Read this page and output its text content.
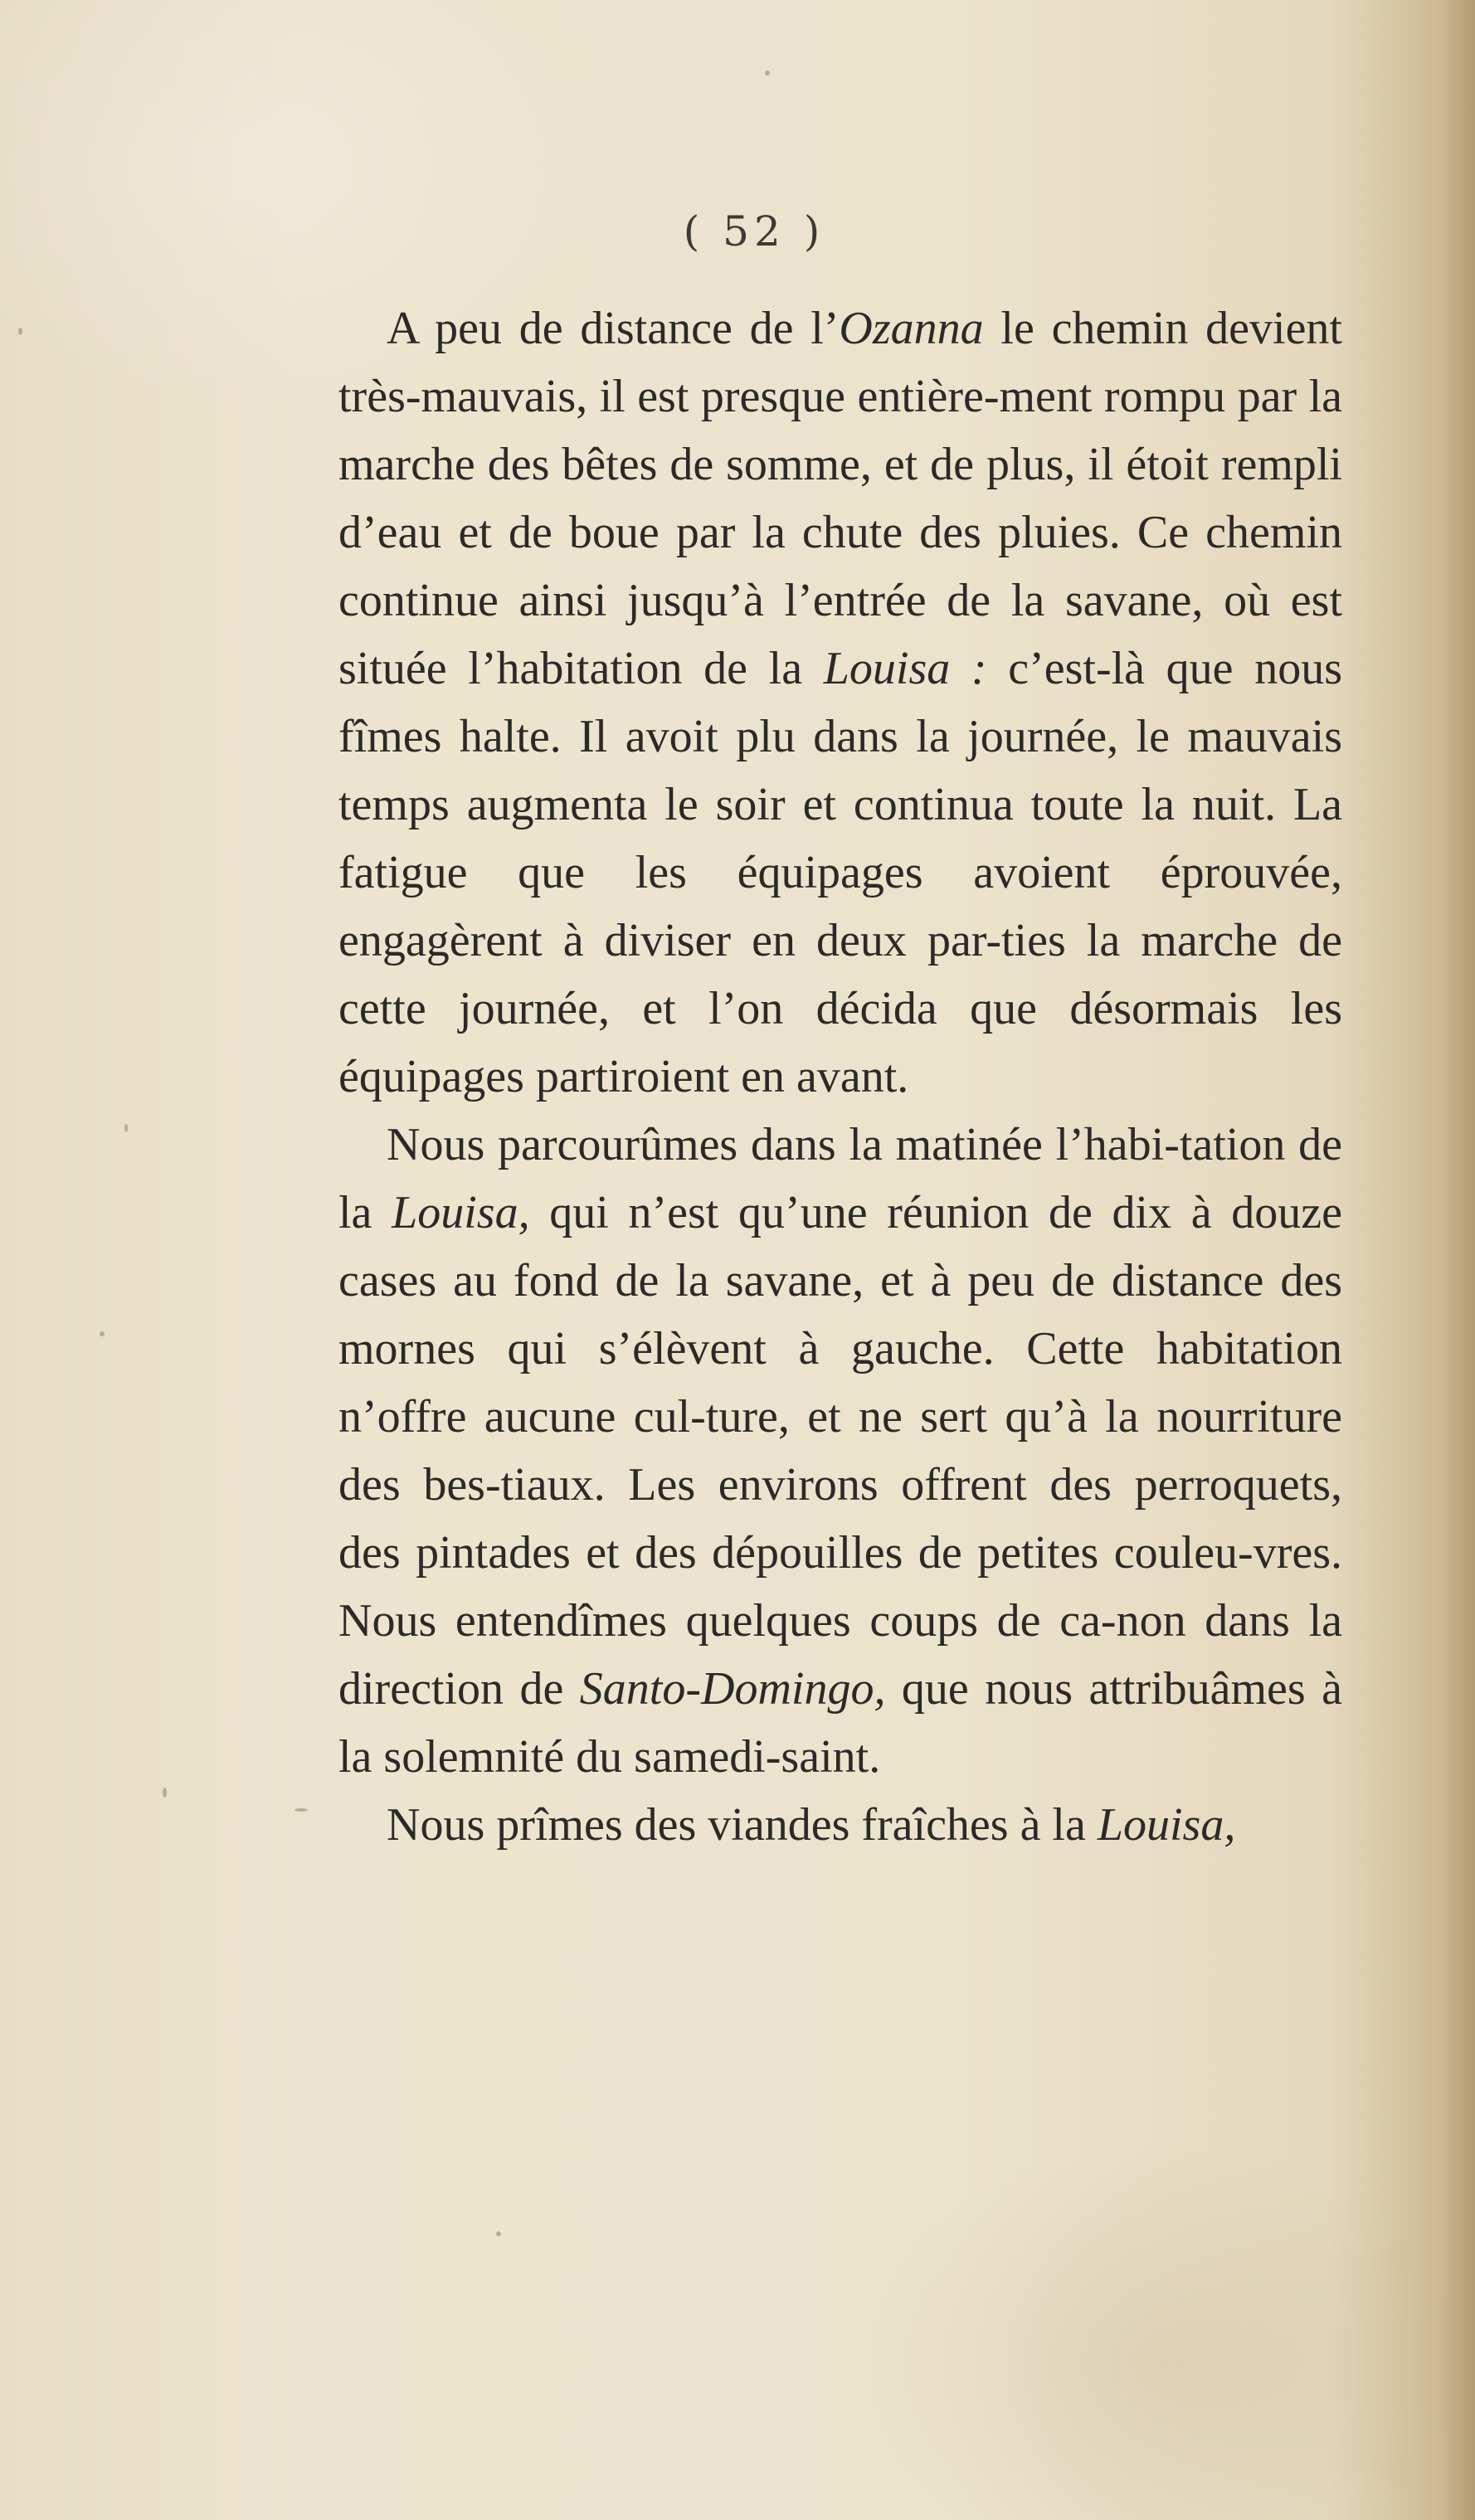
( 52 )

A peu de distance de l’Ozanna le chemin devient très-mauvais, il est presque entière-ment rompu par la marche des bêtes de somme, et de plus, il étoit rempli d’eau et de boue par la chute des pluies. Ce chemin continue ainsi jusqu’à l’entrée de la savane, où est située l’habitation de la Louisa : c’est-là que nous fîmes halte. Il avoit plu dans la journée, le mauvais temps augmenta le soir et continua toute la nuit. La fatigue que les équipages avoient éprouvée, engagèrent à diviser en deux par-ties la marche de cette journée, et l’on décida que désormais les équipages partiroient en avant.

Nous parcourûmes dans la matinée l’habi-tation de la Louisa, qui n’est qu’une réunion de dix à douze cases au fond de la savane, et à peu de distance des mornes qui s’élèvent à gauche. Cette habitation n’offre aucune cul-ture, et ne sert qu’à la nourriture des bes-tiaux. Les environs offrent des perroquets, des pintades et des dépouilles de petites couleu-vres. Nous entendîmes quelques coups de ca-non dans la direction de Santo-Domingo, que nous attribuâmes à la solemnité du samedi-saint.

Nous prîmes des viandes fraîches à la Louisa,
